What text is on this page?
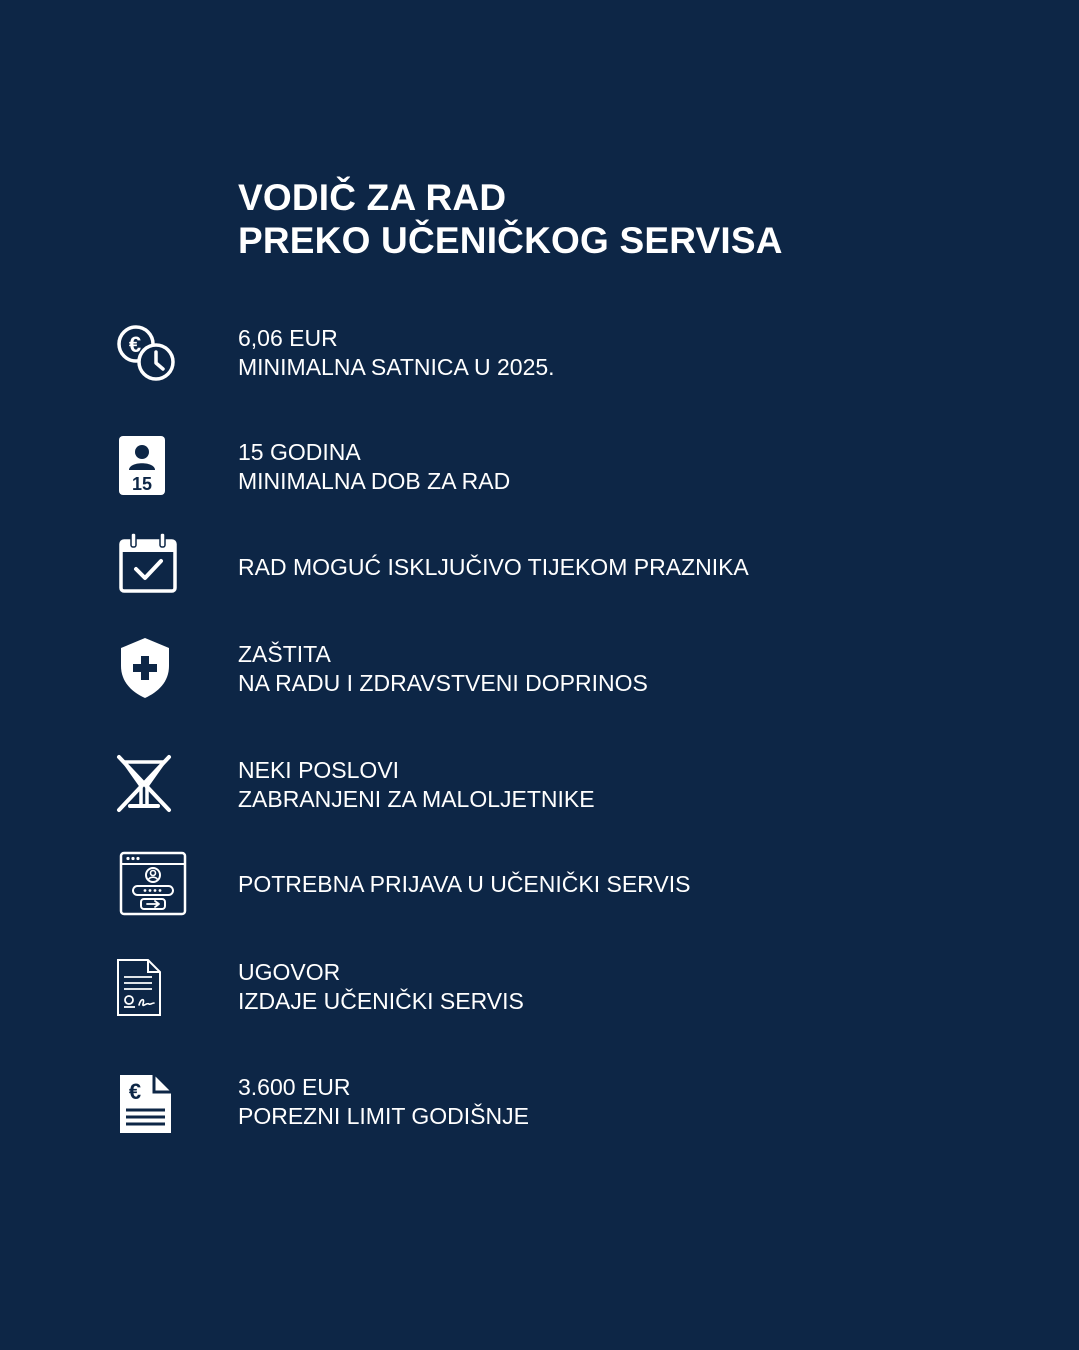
VODIČ ZA RAD
PREKO UČENIČKOG SERVISA
€	6,06 EUR
MINIMALNA SATNICA U 2025.
15
15 GODINA
MINIMALNA DOB ZA RAD
RAD MOGUĆ ISKLJUČIVO TIJEKOM PRAZNIKA
ZAŠTITA
NA RADU I ZDRAVSTVENI DOPRINOS
NEKI POSLOVI
ZABRANJENI ZA MALOLJETNIKE
POTREBNA PRIJAVA U UČENIČKI SERVIS
UGOVOR
IZDAJE UČENIČKI SERVIS
€	3.600 EUR
POREZNI LIMIT GODIŠNJE
